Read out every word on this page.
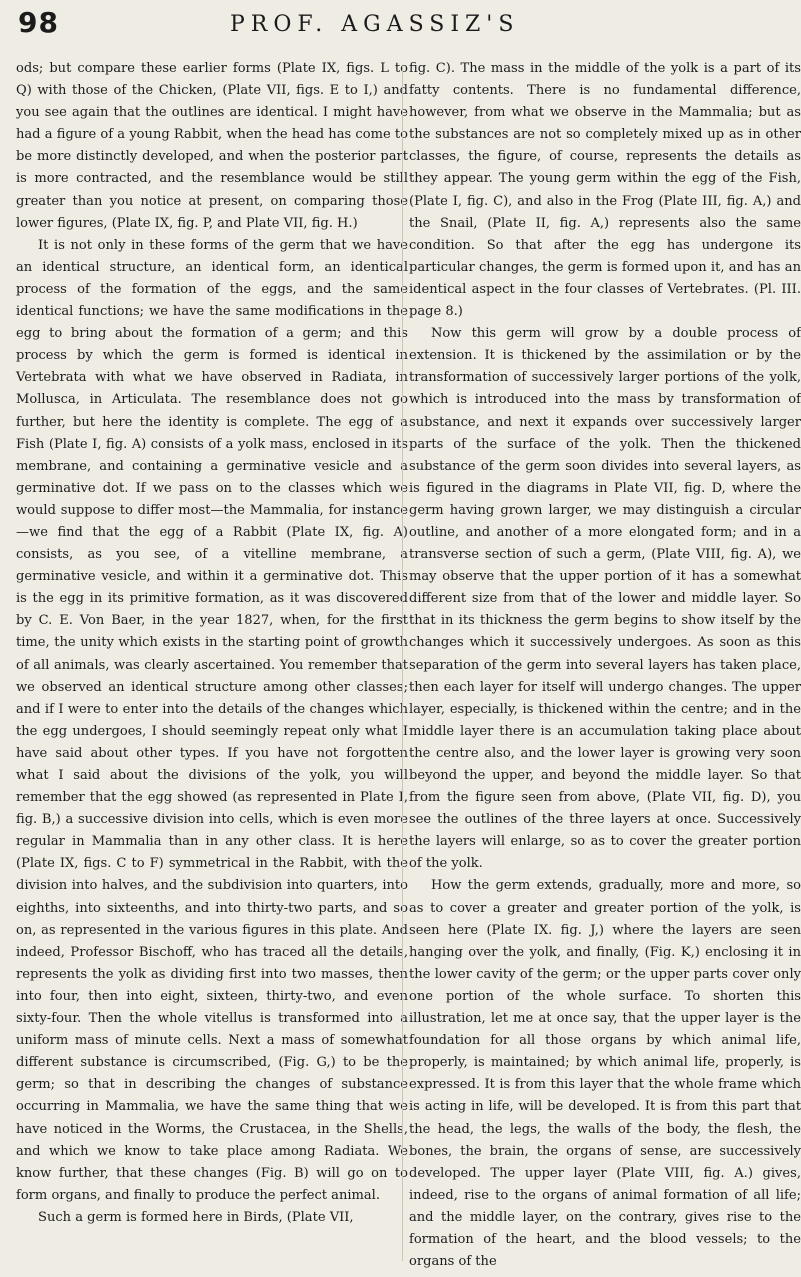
98	PROF. AGASSIZ'S

ods; but compare these earlier forms (Plate IX, figs. L to Q) with those of the Chicken, (Plate VII, figs. E to I,) and you see again that the outlines are identical. I might have had a figure of a young Rabbit, when the head has come to be more distinctly developed, and when the posterior part is more contracted, and the resemblance would be still greater than you notice at present, on comparing those lower figures, (Plate IX, fig. P, and Plate VII, fig. H.)

It is not only in these forms of the germ that we have an identical structure, an identical form, an identical process of the formation of the eggs, and the same identical functions; we have the same modifications in the egg to bring about the formation of a germ; and this process by which the germ is formed is identical in Vertebrata with what we have observed in Radiata, in Mollusca, in Articulata. The resemblance does not go further, but here the identity is complete. The egg of a Fish (Plate I, fig. A) consists of a yolk mass, enclosed in its membrane, and containing a germinative vesicle and a germinative dot. If we pass on to the classes which we would suppose to differ most—the Mammalia, for instance—we find that the egg of a Rabbit (Plate IX, fig. A) consists, as you see, of a vitelline membrane, a germinative vesicle, and within it a germinative dot. This is the egg in its primitive formation, as it was discovered by C. E. Von Baer, in the year 1827, when, for the first time, the unity which exists in the starting point of growth of all animals, was clearly ascertained. You remember that we observed an identical structure among other classes; and if I were to enter into the details of the changes which the egg undergoes, I should seemingly repeat only what I have said about other types. If you have not forgotten what I said about the divisions of the yolk, you will remember that the egg showed (as represented in Plate I, fig. B,) a successive division into cells, which is even more regular in Mammalia than in any other class. It is here (Plate IX, figs. C to F) symmetrical in the Rabbit, with the division into halves, and the subdivision into quarters, into eighths, into sixteenths, and into thirty-two parts, and so on, as represented in the various figures in this plate. And indeed, Professor Bischoff, who has traced all the details, represents the yolk as dividing first into two masses, then into four, then into eight, sixteen, thirty-two, and even sixty-four. Then the whole vitellus is transformed into a uniform mass of minute cells. Next a mass of somewhat different substance is circumscribed, (Fig. G,) to be the germ; so that in describing the changes of substance occurring in Mammalia, we have the same thing that we have noticed in the Worms, the Crustacea, in the Shells, and which we know to take place among Radiata. We know further, that these changes (Fig. B) will go on to form organs, and finally to produce the perfect animal.

Such a germ is formed here in Birds, (Plate VII,

fig. C). The mass in the middle of the yolk is a part of its fatty contents. There is no fundamental difference, however, from what we observe in the Mammalia; but as the substances are not so completely mixed up as in other classes, the figure, of course, represents the details as they appear. The young germ within the egg of the Fish, (Plate I, fig. C), and also in the Frog (Plate III, fig. A,) and the Snail, (Plate II, fig. A,) represents also the same condition. So that after the egg has undergone its particular changes, the germ is formed upon it, and has an identical aspect in the four classes of Vertebrates. (Pl. III. page 8.)

Now this germ will grow by a double process of extension. It is thickened by the assimilation or by the transformation of successively larger portions of the yolk, which is introduced into the mass by transformation of substance, and next it expands over successively larger parts of the surface of the yolk. Then the thickened substance of the germ soon divides into several layers, as is figured in the diagrams in Plate VII, fig. D, where the germ having grown larger, we may distinguish a circular outline, and another of a more elongated form; and in a transverse section of such a germ, (Plate VIII, fig. A), we may observe that the upper portion of it has a somewhat different size from that of the lower and middle layer. So that in its thickness the germ begins to show itself by the changes which it successively undergoes. As soon as this separation of the germ into several layers has taken place, then each layer for itself will undergo changes. The upper layer, especially, is thickened within the centre; and in the middle layer there is an accumulation taking place about the centre also, and the lower layer is growing very soon beyond the upper, and beyond the middle layer. So that from the figure seen from above, (Plate VII, fig. D), you see the outlines of the three layers at once. Successively the layers will enlarge, so as to cover the greater portion of the yolk.

How the germ extends, gradually, more and more, so as to cover a greater and greater portion of the yolk, is seen here (Plate IX. fig. J,) where the layers are seen hanging over the yolk, and finally, (Fig. K,) enclosing it in the lower cavity of the germ; or the upper parts cover only one portion of the whole surface. To shorten this illustration, let me at once say, that the upper layer is the foundation for all those organs by which animal life, properly, is maintained; by which animal life, properly, is expressed. It is from this layer that the whole frame which is acting in life, will be developed. It is from this part that the head, the legs, the walls of the body, the flesh, the bones, the brain, the organs of sense, are successively developed. The upper layer (Plate VIII, fig. A.) gives, indeed, rise to the organs of animal formation of all life; and the middle layer, on the contrary, gives rise to the formation of the heart, and the blood vessels; to the organs of the
